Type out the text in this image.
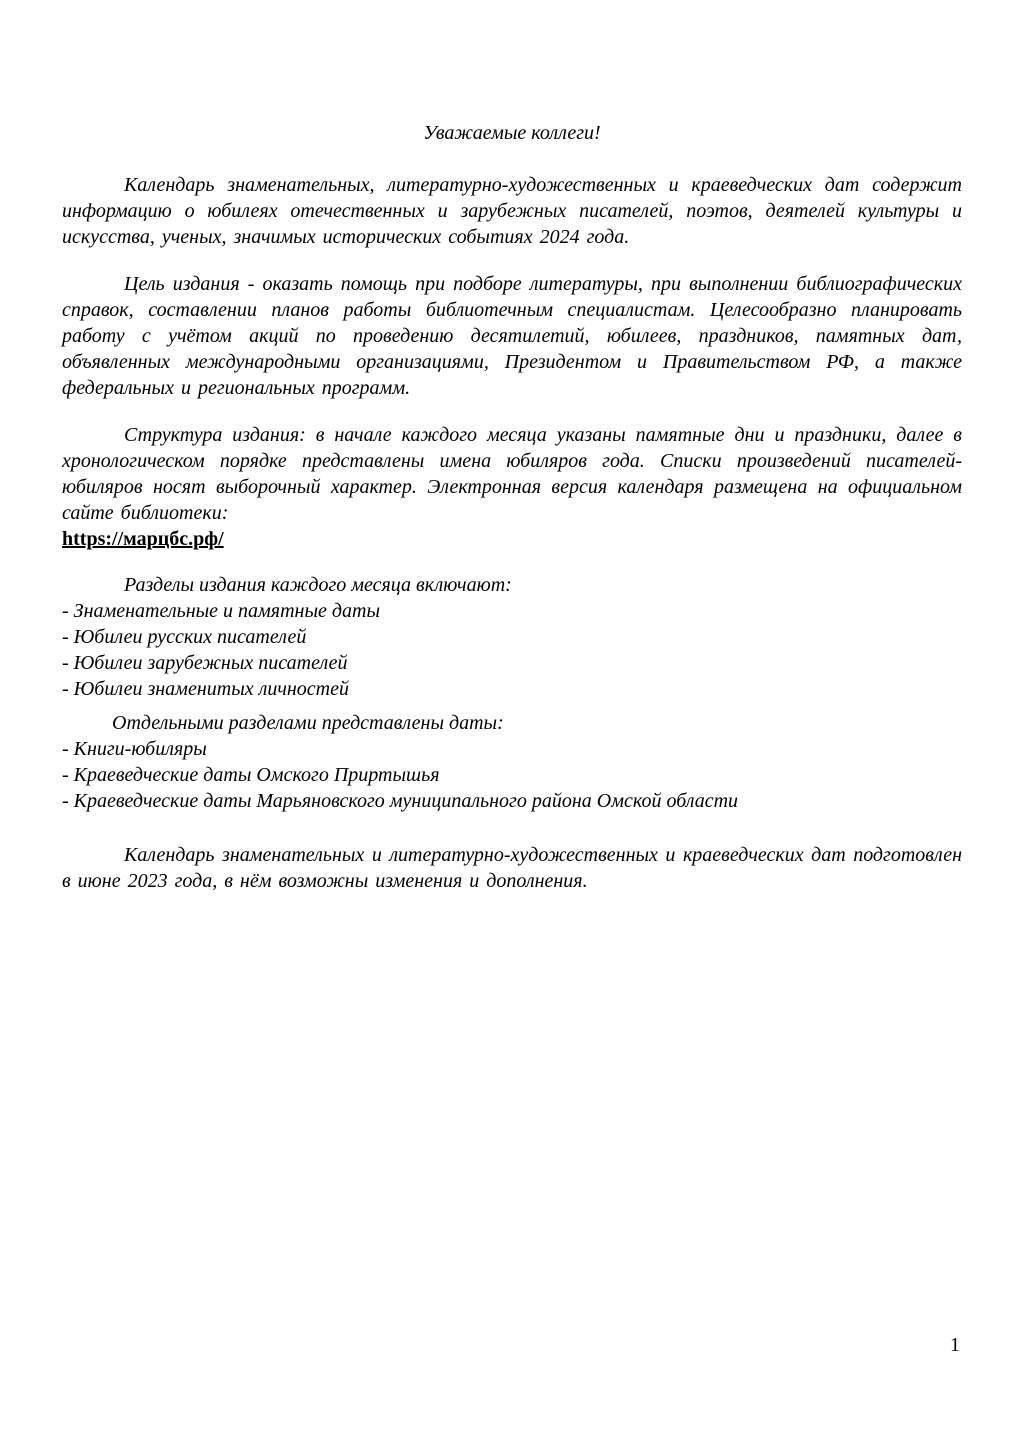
Уважаемые коллеги!

Календарь знаменательных, литературно-художественных и краеведческих дат содержит информацию о юбилеях отечественных и зарубежных писателей, поэтов, деятелей культуры и искусства, ученых, значимых исторических событиях 2024 года.

Цель издания - оказать помощь при подборе литературы, при выполнении библиографических справок, составлении планов работы библиотечным специалистам. Целесообразно планировать работу с учётом акций по проведению десятилетий, юбилеев, праздников, памятных дат, объявленных международными организациями, Президентом и Правительством РФ, а также федеральных и региональных программ.

Структура издания: в начале каждого месяца указаны памятные дни и праздники, далее в хронологическом порядке представлены имена юбиляров года. Списки произведений писателей-юбиляров носят выборочный характер. Электронная версия календаря размещена на официальном сайте библиотеки:

https://марцбс.рф/
Разделы издания каждого месяца включают:
- Знаменательные и памятные даты
- Юбилеи русских писателей
- Юбилеи зарубежных писателей
- Юбилеи знаменитых личностей
Отдельными разделами представлены даты:
- Книги-юбиляры
- Краеведческие даты Омского Приртышья
- Краеведческие даты Марьяновского муниципального района Омской области

Календарь знаменательных и литературно-художественных и краеведческих дат подготовлен в июне 2023 года, в нём возможны изменения и дополнения.

1
